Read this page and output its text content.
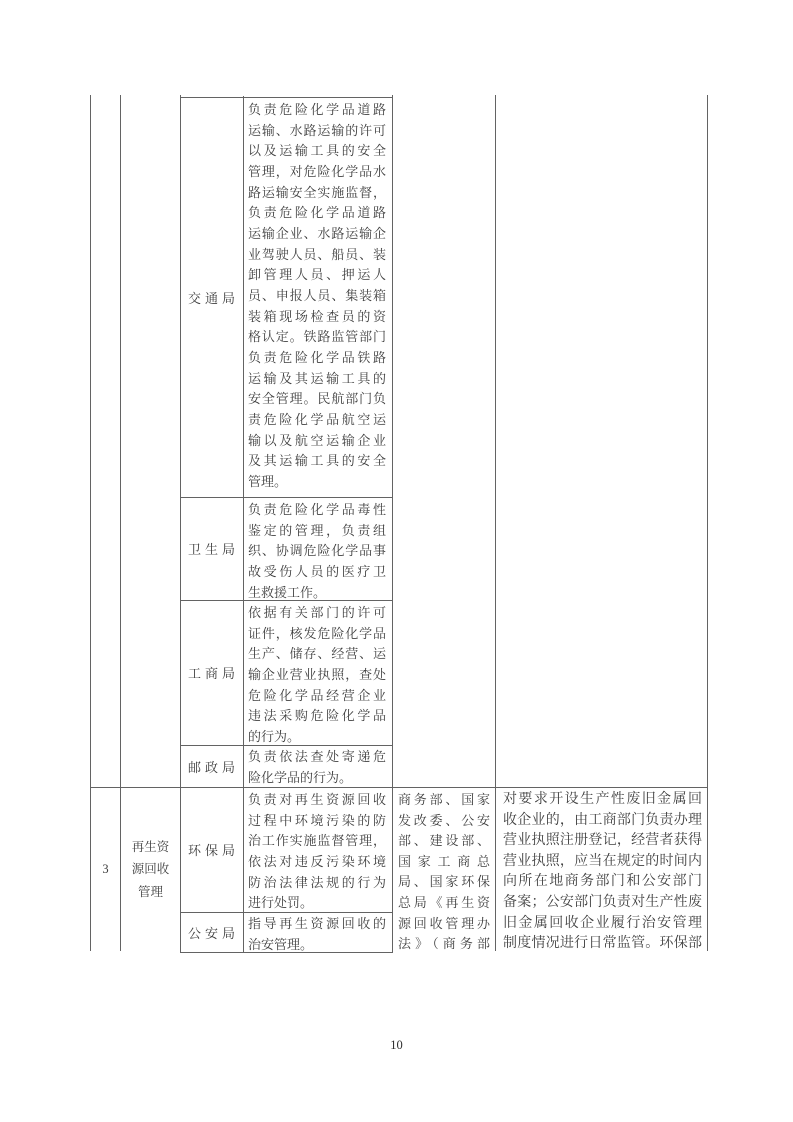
交通局
负责危险化学品道路
运输、水路运输的许可
以及运输工具的安全
管理，对危险化学品水
路运输安全实施监督，
负责危险化学品道路
运输企业、水路运输企
业驾驶人员、船员、装
卸管理人员、押运人
员、申报人员、集装箱
装箱现场检查员的资
格认定。铁路监管部门
负责危险化学品铁路
运输及其运输工具的
安全管理。民航部门负
责危险化学品航空运
输以及航空运输企业
及其运输工具的安全
管理。
卫生局
负责危险化学品毒性
鉴定的管理，负责组
织、协调危险化学品事
故受伤人员的医疗卫
生救援工作。
工商局
依据有关部门的许可
证件，核发危险化学品
生产、储存、经营、运
输企业营业执照，查处
危险化学品经营企业
违法采购危险化学品
的行为。
邮政局
负责依法查处寄递危
险化学品的行为。
3
再生资
源回收
管理
环保局
负责对再生资源回收
过程中环境污染的防
治工作实施监督管理，
依法对违反污染环境
防治法律法规的行为
进行处罚。
公安局
指导再生资源回收的
治安管理。
商务部、国家
发改委、公安
部、建设部、
国家工商总
局、国家环保
总局《再生资
源回收管理办
法》（商务部
对要求开设生产性废旧金属回
收企业的，由工商部门负责办理
营业执照注册登记，经营者获得
营业执照，应当在规定的时间内
向所在地商务部门和公安部门
备案；公安部门负责对生产性废
旧金属回收企业履行治安管理
制度情况进行日常监管。环保部
10
